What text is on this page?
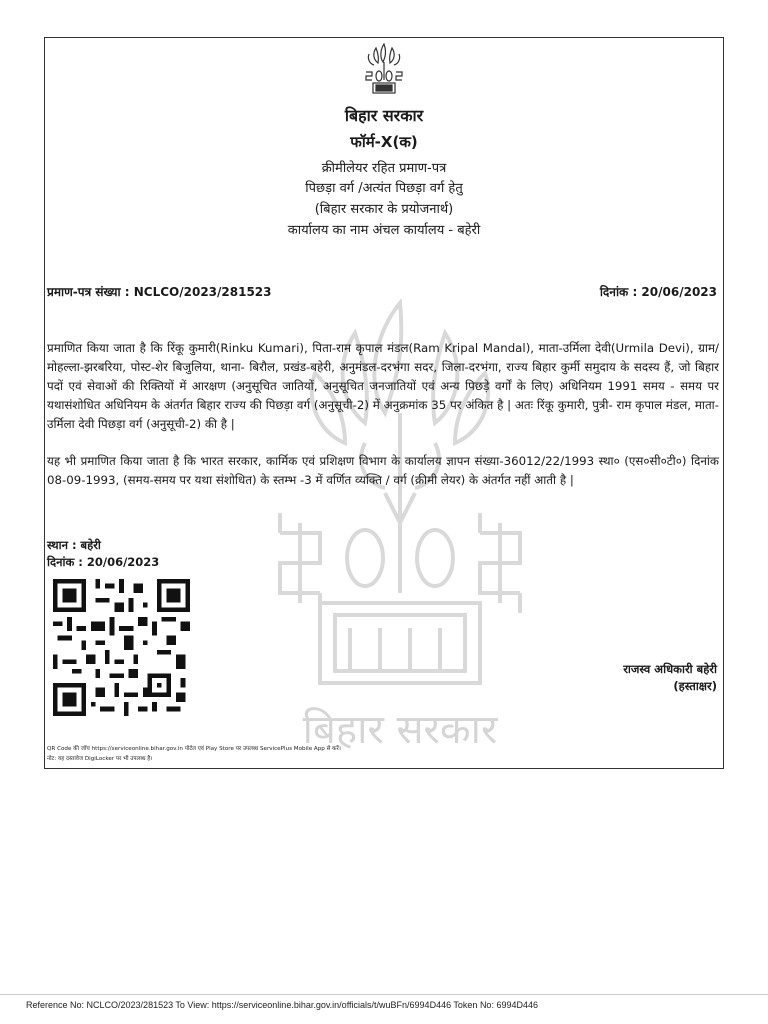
बिहार सरकार
बिहार सरकार
फॉर्म-X(क)
क्रीमीलेयर रहित प्रमाण-पत्र
पिछड़ा वर्ग /अत्यंत पिछड़ा वर्ग हेतु
(बिहार सरकार के प्रयोजनार्थ)
कार्यालय का नाम अंचल कार्यालय - बहेरी
प्रमाण-पत्र संख्या : NCLCO/2023/281523	दिनांक : 20/06/2023
प्रमाणित किया जाता है कि रिंकू कुमारी(Rinku Kumari), पिता-राम कृपाल मंडल(Ram Kripal Mandal), माता-उर्मिला देवी(Urmila Devi), ग्राम/मोहल्ला-झरबरिया, पोस्ट-शेर बिजुलिया, थाना- बिरौल, प्रखंड-बहेरी, अनुमंडल-दरभंगा सदर, जिला-दरभंगा, राज्य बिहार कुर्मी समुदाय के सदस्य हैं, जो बिहार पदों एवं सेवाओं की रिक्तियों में आरक्षण (अनुसूचित जातियों, अनुसूचित जनजातियों एवं अन्य पिछड़े वर्गों के लिए) अधिनियम 1991 समय - समय पर यथासंशोधित अधिनियम के अंतर्गत बिहार राज्य की पिछड़ा वर्ग (अनुसूची-2) में अनुक्रमांक 35 पर अंकित है | अतः रिंकू कुमारी, पुत्री- राम कृपाल मंडल, माता-उर्मिला देवी पिछड़ा वर्ग (अनुसूची-2) की है |
यह भी प्रमाणित किया जाता है कि भारत सरकार, कार्मिक एवं प्रशिक्षण विभाग के कार्यालय ज्ञापन संख्या-36012/22/1993 स्था० (एस०सी०टी०) दिनांक 08-09-1993, (समय-समय पर यथा संशोधित) के स्तम्भ -3 में वर्णित व्यक्ति / वर्ग (क्रीमी लेयर) के अंतर्गत नहीं आती है |
स्थान : बहेरी
दिनांक : 20/06/2023
राजस्व अधिकारी बहेरी
(हस्ताक्षर)
QR Code की जाँच https://serviceonline.bihar.gov.in पोर्टल एवं Play Store पर उपलब्ध ServicePlus Mobile App से करें।
नोट: यह दस्तावेज DigiLocker पर भी उपलब्ध है।
Reference No: NCLCO/2023/281523 To View: https://serviceonline.bihar.gov.in/officials/t/wuBFn/6994D446 Token No: 6994D446
